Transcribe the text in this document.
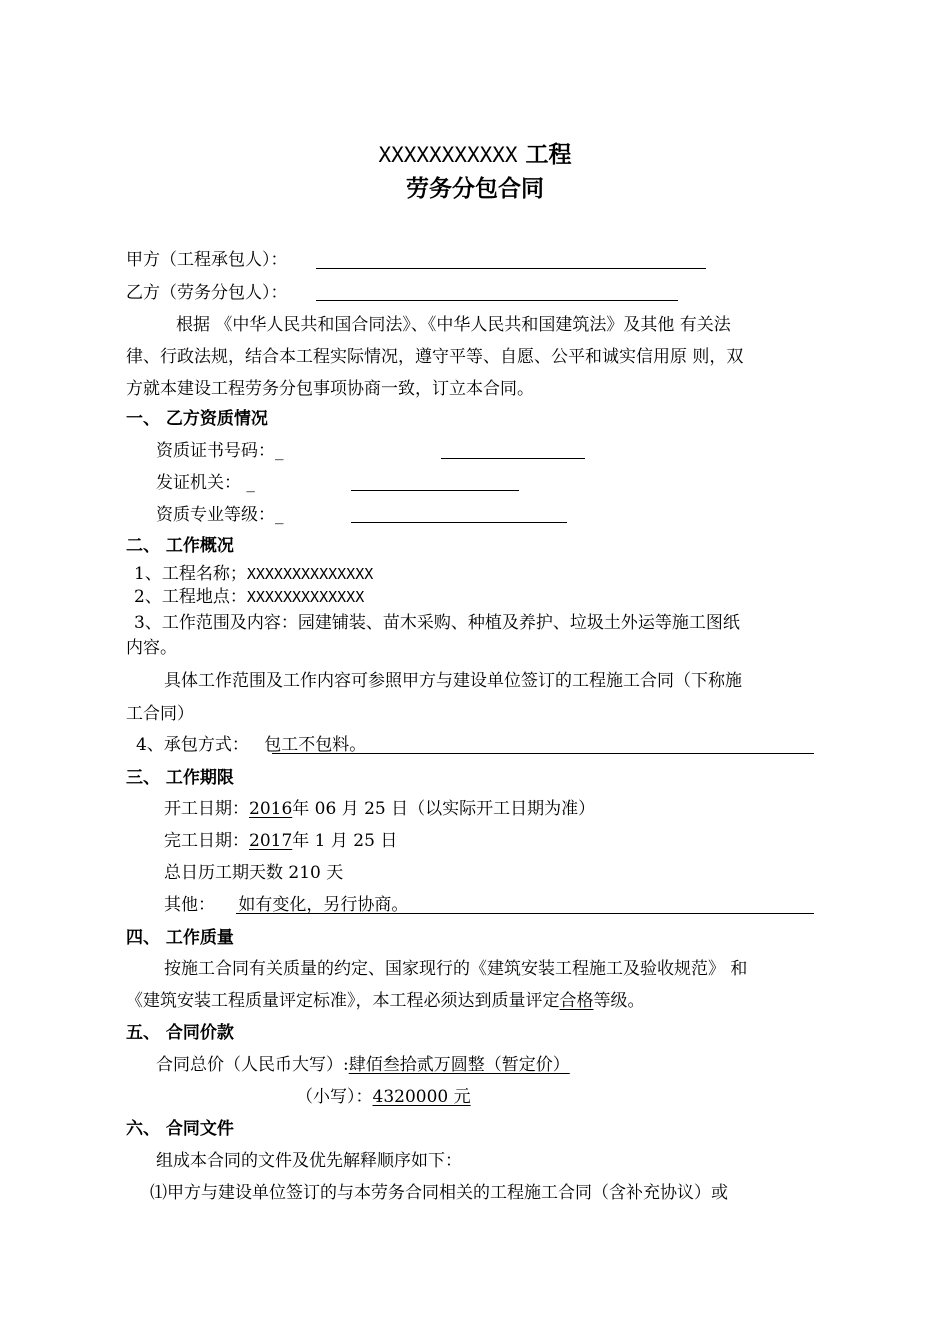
XXXXXXXXXXX 工程
劳务分包合同
甲方（工程承包人）：
乙方（劳务分包人）：
根据 《中华人民共和国合同法》、《中华人民共和国建筑法》及其他 有关法
律、行政法规，结合本工程实际情况，遵守平等、自愿、公平和诚实信用原 则，双
方就本建设工程劳务分包事项协商一致，订立本合同。
一、 乙方资质情况
资质证书号码：_
发证机关： _
资质专业等级：_
二、 工作概况
1、工程名称；XXXXXXXXXXXXXX
2、工程地点：XXXXXXXXXXXXX
3、工作范围及内容：园建铺装、苗木采购、种植及养护、垃圾土外运等施工图纸
内容。
具体工作范围及工作内容可参照甲方与建设单位签订的工程施工合同（下称施
工合同）
4、承包方式： 包工不包料。
三、 工作期限
开工日期：2016年 06 月 25 日（以实际开工日期为准）
完工日期：2017年 1 月 25 日
总日历工期天数 210 天
其他： 如有变化，另行协商。
四、 工作质量
按施工合同有关质量的约定、国家现行的《建筑安装工程施工及验收规范》 和
《建筑安装工程质量评定标准》，本工程必须达到质量评定合格等级。
五、 合同价款
合同总价（人民币大写）:肆佰叁拾贰万圆整（暂定价）
（小写）：4320000 元
六、 合同文件
组成本合同的文件及优先解释顺序如下：
⑴甲方与建设单位签订的与本劳务合同相关的工程施工合同（含补充协议）或
